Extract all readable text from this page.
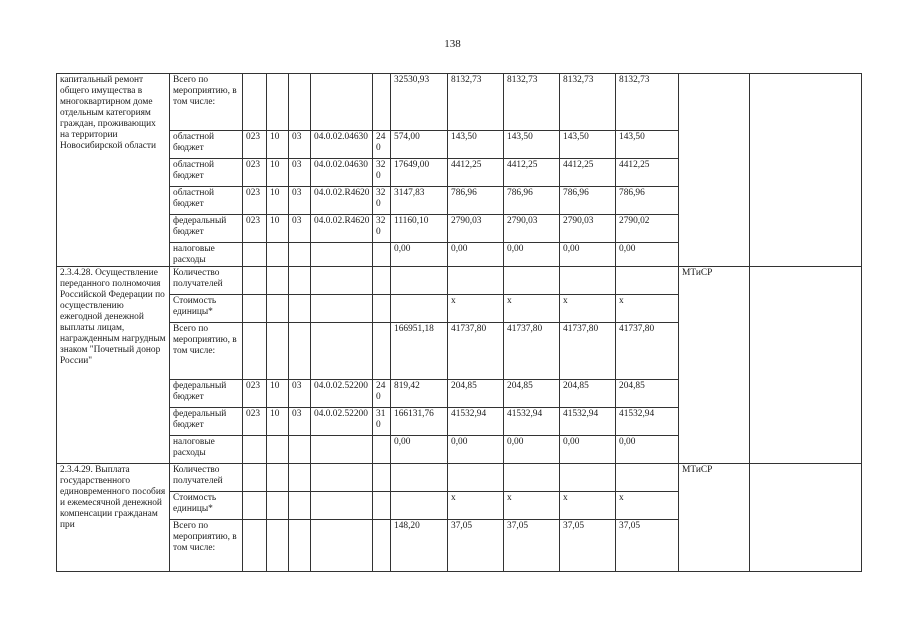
138
капитальный ремонт общего имущества в многоквартирном доме отдельным категориям граждан, проживающих на территории Новосибирской области	Всего по мероприятию, в том числе:						32530,93	8132,73	8132,73	8132,73	8132,73		
	областной бюджет	023	10	03	04.0.02.04630	240	574,00	143,50	143,50	143,50	143,50		
	областной бюджет	023	10	03	04.0.02.04630	320	17649,00	4412,25	4412,25	4412,25	4412,25		
	областной бюджет	023	10	03	04.0.02.R4620	320	3147,83	786,96	786,96	786,96	786,96		
	федеральный бюджет	023	10	03	04.0.02.R4620	320	11160,10	2790,03	2790,03	2790,03	2790,02		
	налоговые расходы						0,00	0,00	0,00	0,00	0,00		
2.3.4.28. Осуществление переданного полномочия Российской Федерации по осуществлению ежегодной денежной выплаты лицам, награжденным нагрудным знаком "Почетный донор России"	Количество получателей											МТиСР	
	Стоимость единицы*							x	x	x	x		
	Всего по мероприятию, в том числе:						166951,18	41737,80	41737,80	41737,80	41737,80		
	федеральный бюджет	023	10	03	04.0.02.52200	240	819,42	204,85	204,85	204,85	204,85		
	федеральный бюджет	023	10	03	04.0.02.52200	310	166131,76	41532,94	41532,94	41532,94	41532,94		
	налоговые расходы						0,00	0,00	0,00	0,00	0,00		
2.3.4.29. Выплата государственного единовременного пособия и ежемесячной денежной компенсации гражданам при	Количество получателей											МТиСР	
	Стоимость единицы*							x	x	x	x		
	Всего по мероприятию, в том числе:						148,20	37,05	37,05	37,05	37,05		
